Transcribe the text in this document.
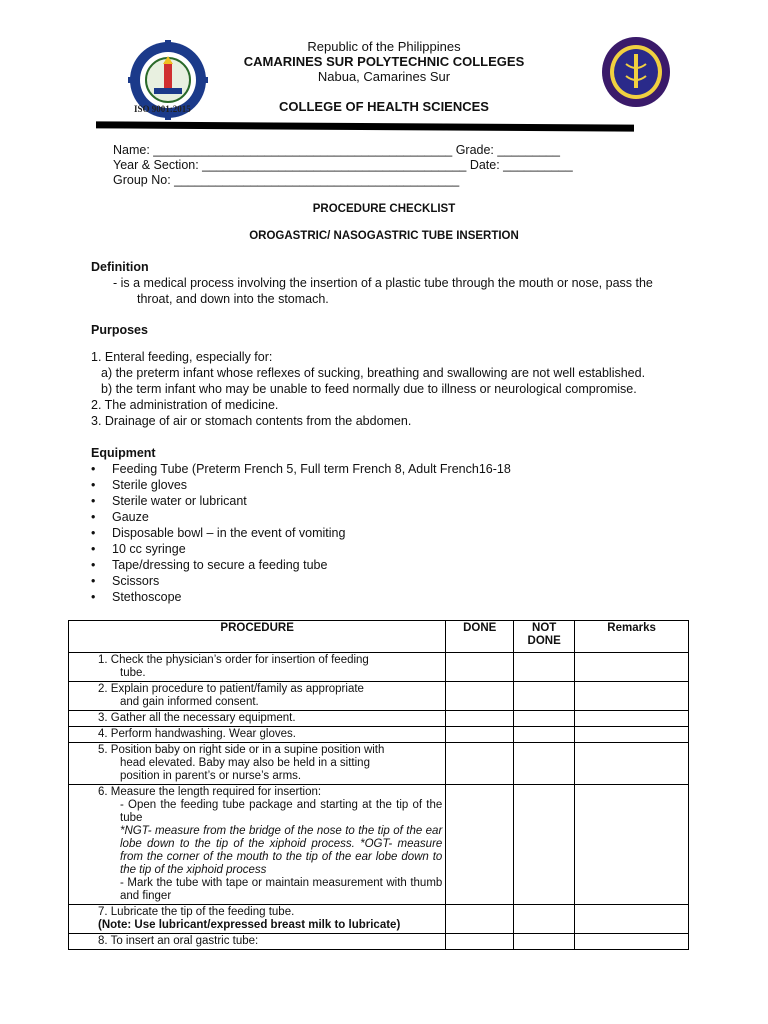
ISO 9001:2015
Republic of the Philippines
CAMARINES SUR POLYTECHNIC COLLEGES
Nabua, Camarines Sur
COLLEGE OF HEALTH SCIENCES
Name: ___________________________________________ Grade: _________
Year & Section: ______________________________________ Date: __________
Group No: _________________________________________
PROCEDURE CHECKLIST
OROGASTRIC/ NASOGASTRIC TUBE INSERTION
Definition
- is a medical process involving the insertion of a plastic tube through the mouth or nose, pass the
throat, and down into the stomach.
Purposes
1. Enteral feeding, especially for:
a) the preterm infant whose reflexes of sucking, breathing and swallowing are not well established.
b) the term infant who may be unable to feed normally due to illness or neurological compromise.
2. The administration of medicine.
3. Drainage of air or stomach contents from the abdomen.
Equipment
• Feeding Tube (Preterm French 5, Full term French 8, Adult French16-18
• Sterile gloves
• Sterile water or lubricant
• Gauze
• Disposable bowl – in the event of vomiting
• 10 cc syringe
• Tape/dressing to secure a feeding tube
• Scissors
• Stethoscope
PROCEDURE	DONE	NOT DONE	Remarks

1. Check the physician’s order for insertion of feeding
tube.			

2. Explain procedure to patient/family as appropriate
and gain informed consent.			

3. Gather all the necessary equipment.			

4. Perform handwashing. Wear gloves.			

5. Position baby on right side or in a supine position with
head elevated. Baby may also be held in a sitting
position in parent’s or nurse’s arms.			

6. Measure the length required for insertion:
- Open the feeding tube package and starting at the tip of the tube
*NGT- measure from the bridge of the nose to the tip of the ear lobe down to the tip of the xiphoid process. *OGT- measure from the corner of the mouth to the tip of the ear lobe down to the tip of the xiphoid process
- Mark the tube with tape or maintain measurement with thumb and finger			

7. Lubricate the tip of the feeding tube.
(Note: Use lubricant/expressed breast milk to lubricate)			

8. To insert an oral gastric tube:			
